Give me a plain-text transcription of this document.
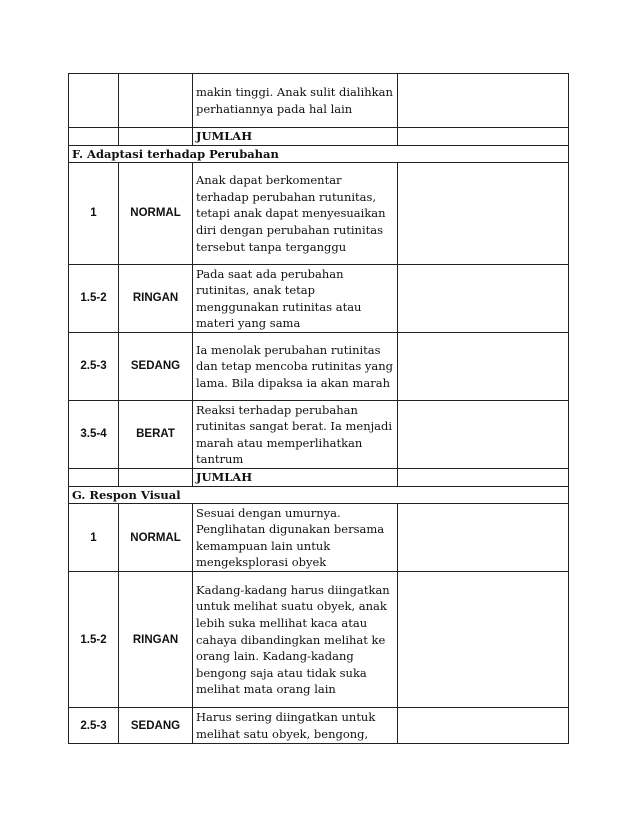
		makin tinggi. Anak sulit dialihkan perhatiannya pada hal lain	
		JUMLAH	
F. Adaptasi terhadap Perubahan			
1	NORMAL	Anak dapat berkomentar terhadap perubahan rutunitas, tetapi anak dapat menyesuaikan diri dengan perubahan rutinitas tersebut tanpa terganggu	
1.5-2	RINGAN	Pada saat ada perubahan rutinitas, anak tetap menggunakan rutinitas atau materi yang sama	
2.5-3	SEDANG	Ia menolak perubahan rutinitas dan tetap mencoba rutinitas yang lama. Bila dipaksa ia akan marah	
3.5-4	BERAT	Reaksi terhadap perubahan rutinitas sangat berat. Ia menjadi marah atau memperlihatkan tantrum	
		JUMLAH	
G. Respon Visual			
1	NORMAL	Sesuai dengan umurnya. Penglihatan digunakan bersama kemampuan lain untuk mengeksplorasi obyek	
1.5-2	RINGAN	Kadang-kadang harus diingatkan untuk melihat suatu obyek, anak lebih suka mellihat kaca atau cahaya dibandingkan melihat ke orang lain. Kadang-kadang bengong saja atau tidak suka melihat mata orang lain	
2.5-3	SEDANG	Harus sering diingatkan untuk melihat satu obyek, bengong,	
